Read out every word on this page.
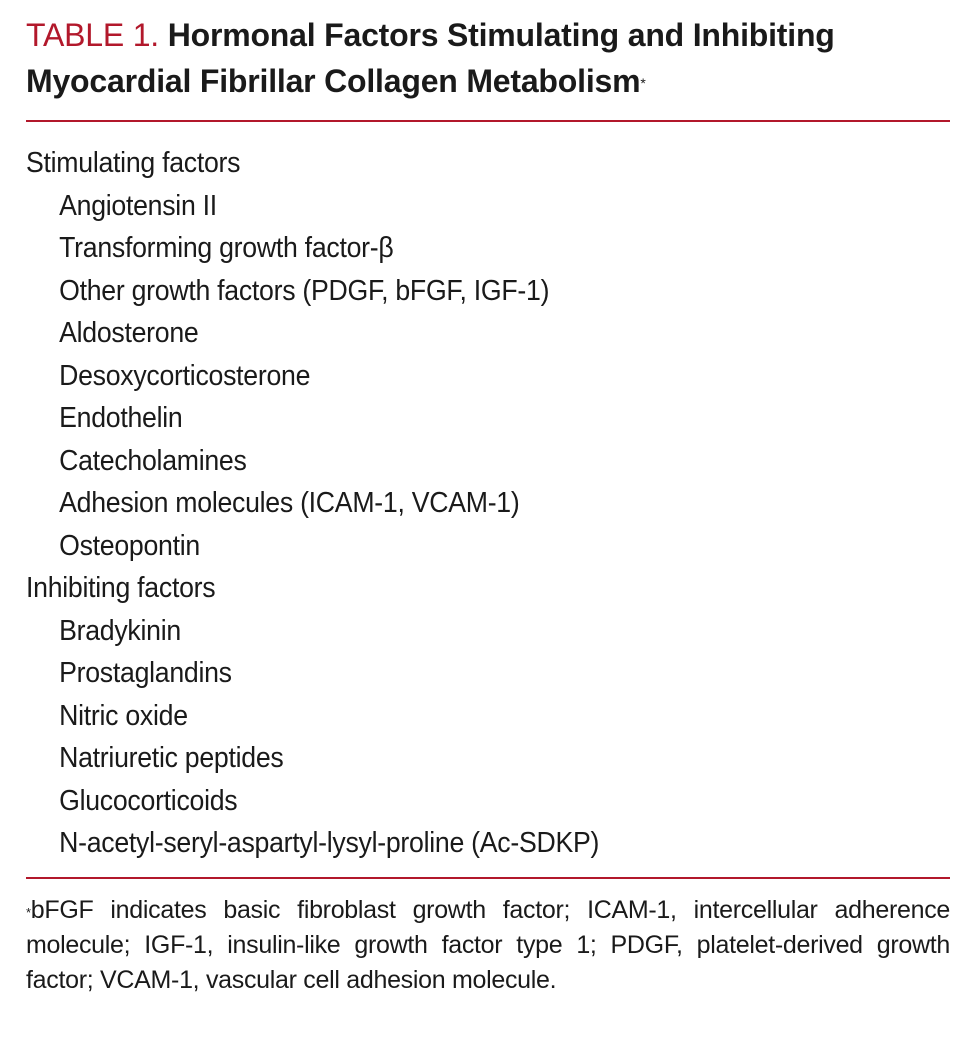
TABLE 1. Hormonal Factors Stimulating and Inhibiting Myocardial Fibrillar Collagen Metabolism*
Stimulating factors
Angiotensin II
Transforming growth factor-β
Other growth factors (PDGF, bFGF, IGF-1)
Aldosterone
Desoxycorticosterone
Endothelin
Catecholamines
Adhesion molecules (ICAM-1, VCAM-1)
Osteopontin
Inhibiting factors
Bradykinin
Prostaglandins
Nitric oxide
Natriuretic peptides
Glucocorticoids
N-acetyl-seryl-aspartyl-lysyl-proline (Ac-SDKP)

*bFGF indicates basic fibroblast growth factor; ICAM-1, intercellular adherence molecule; IGF-1, insulin-like growth factor type 1; PDGF, platelet-derived growth factor; VCAM-1, vascular cell adhesion molecule.
